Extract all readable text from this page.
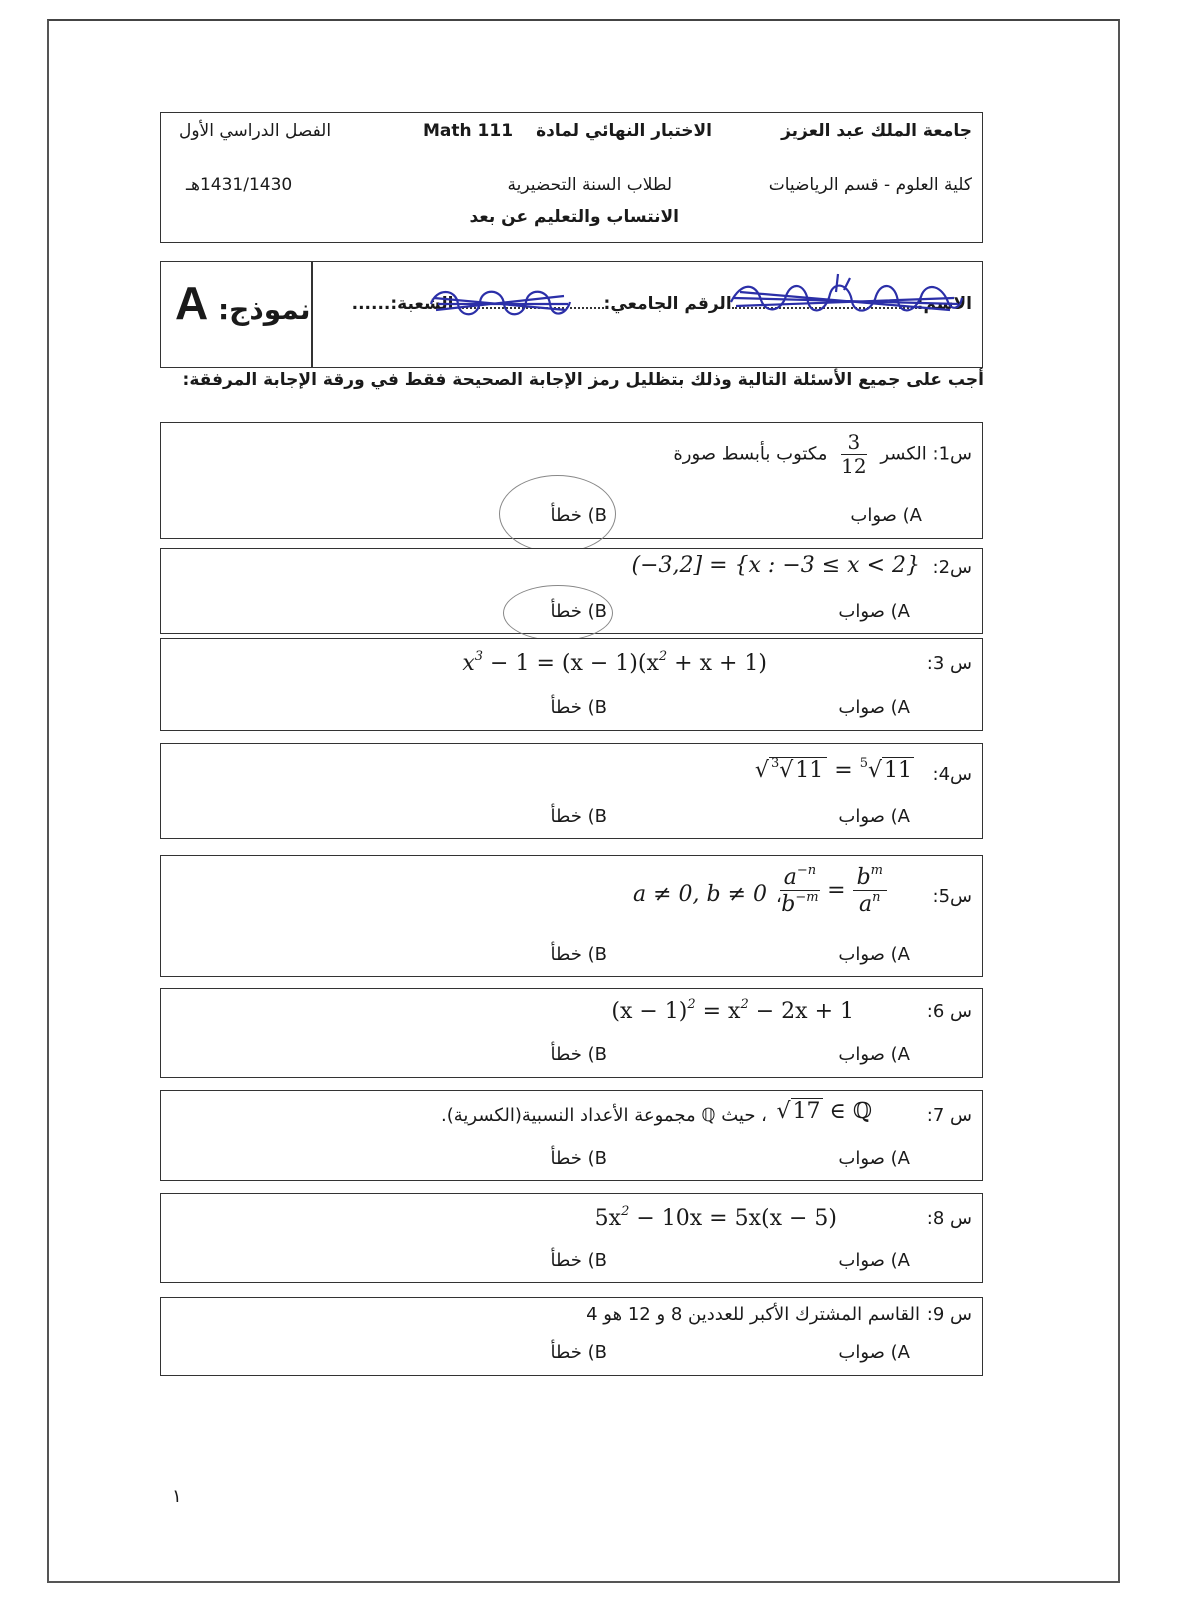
جامعة الملك عبد العزيز
الاختبار النهائي لمادة
Math 111
الفصل الدراسي الأول
كلية العلوم - قسم الرياضيات
لطلاب السنة التحضيرية
1431/1430هـ
الانتساب والتعليم عن بعد
نموذج: A	الاسم:الرقم الجامعي:الشعبة:......
أجب على جميع الأسئلة التالية وذلك بتظليل رمز الإجابة الصحيحة فقط في ورقة الإجابة المرفقة:
س1: الكسر
$\frac{3}{12}$
مكتوب بأبسط صورة
A) صواب
B) خطأ
س2:
(−3,2] = {x : −3 ≤ x < 2}
A) صواب
B) خطأ
س 3:
$x^3 - 1 = (x - 1)(x^2 + x + 1)$
A) صواب
B) خطأ
س4:
√ $^3$√11 = $^5$√11
A) صواب
B) خطأ
س5:
$\frac{a^{-n}}{b^{-m}} = \frac{b^m}{a^n}$
،
a ≠ 0, b ≠ 0
A) صواب
B) خطأ
س 6:
$(x - 1)^2 = x^2 - 2x + 1$
A) صواب
B) خطأ
س 7:
√17 ∈ ℚ
، حيث ℚ مجموعة الأعداد النسبية(الكسرية).
A) صواب
B) خطأ
س 8:
$5x^2 - 10x = 5x(x - 5)$
A) صواب
B) خطأ
س 9:
القاسم المشترك الأكبر للعددين 8 و 12 هو 4
A) صواب
B) خطأ
١
